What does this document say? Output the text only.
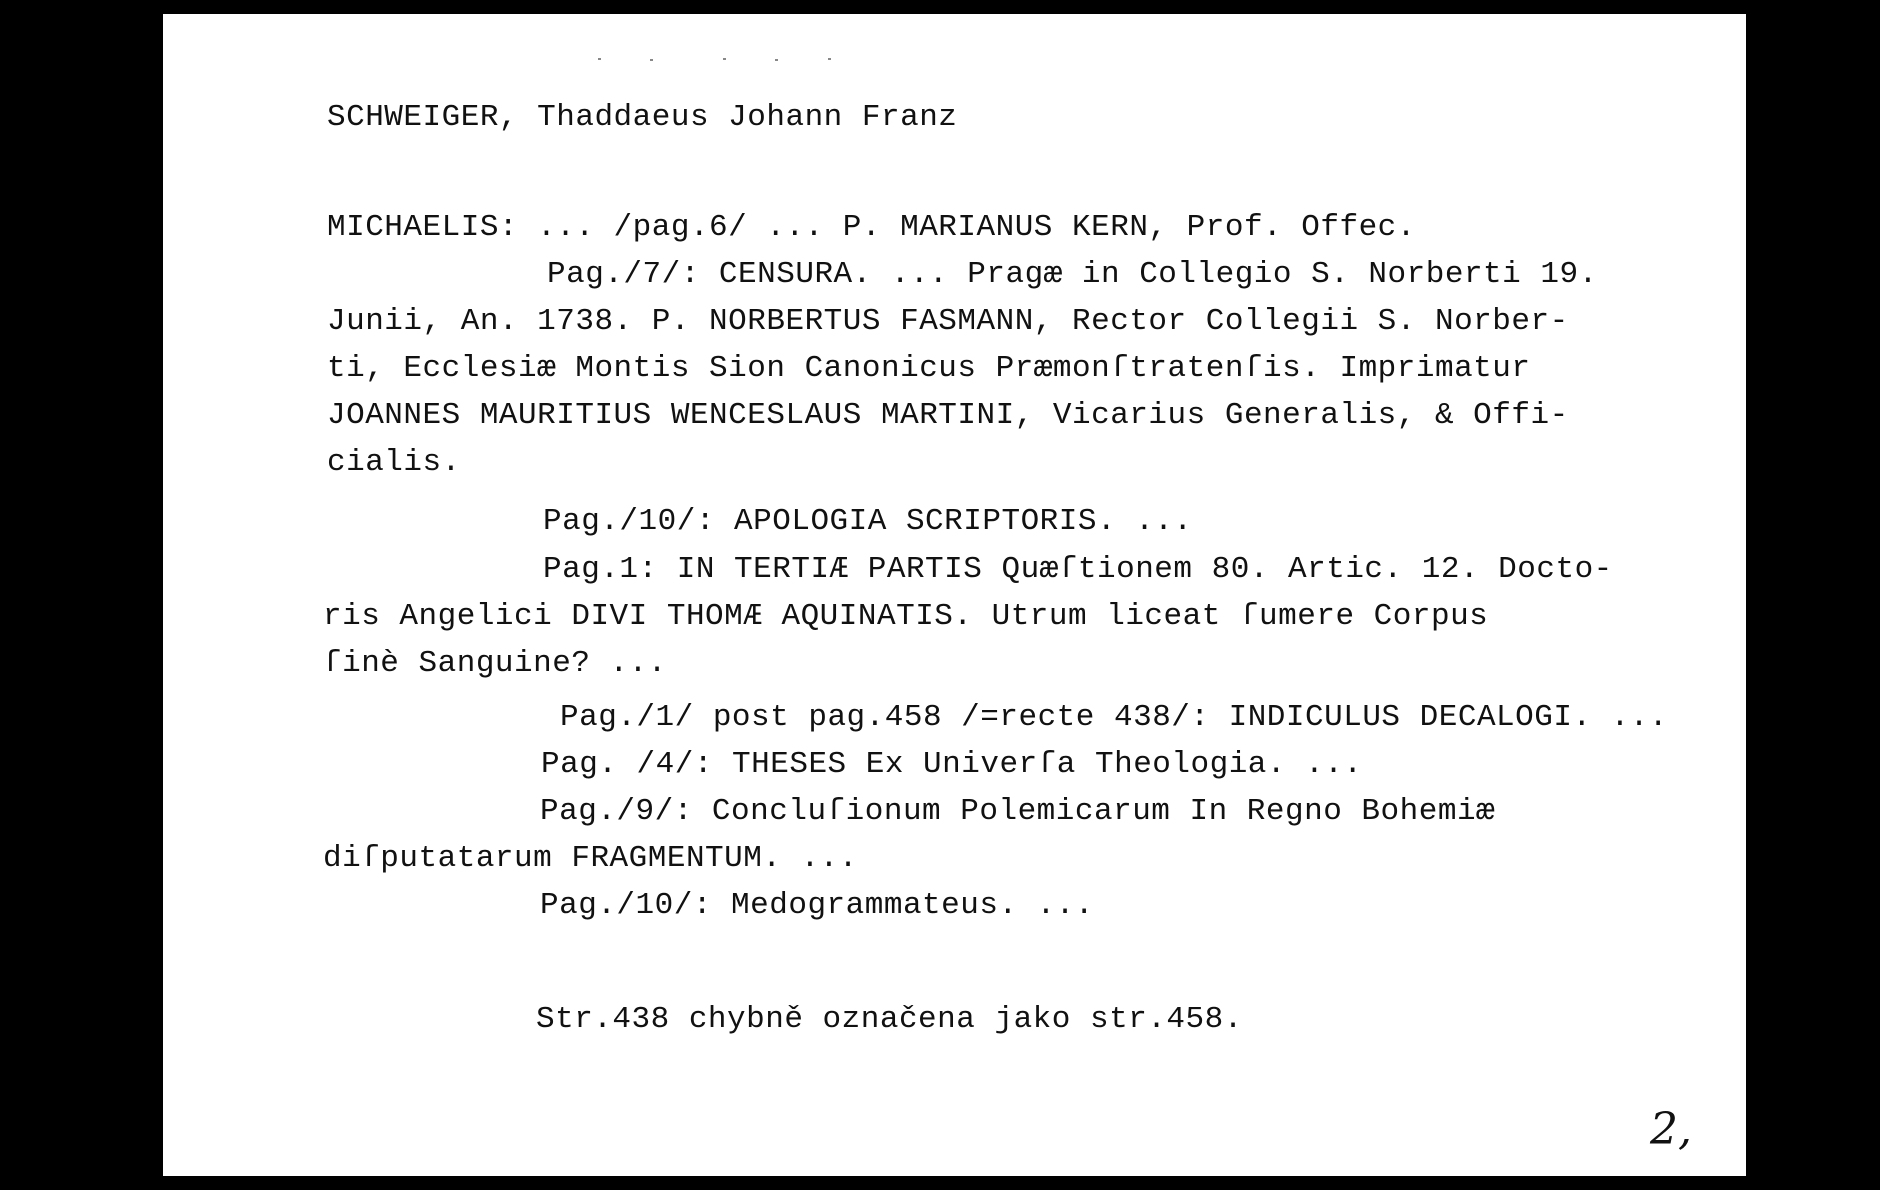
SCHWEIGER, Thaddaeus Johann Franz
MICHAELIS: ... /pag.6/ ... P. MARIANUS KERN, Prof. Offec.
Pag./7/: CENSURA. ... Pragæ in Collegio S. Norberti 19.
Junii, An. 1738. P. NORBERTUS FASMANN, Rector Collegii S. Norber-
ti, Ecclesiæ Montis Sion Canonicus Præmonſtratenſis. Imprimatur
JOANNES MAURITIUS WENCESLAUS MARTINI, Vicarius Generalis, & Offi-
cialis.
Pag./10/: APOLOGIA SCRIPTORIS. ...
Pag.1: IN TERTIÆ PARTIS Quæſtionem 80. Artic. 12. Docto-
ris Angelici DIVI THOMÆ AQUINATIS. Utrum liceat ſumere Corpus
ſinè Sanguine? ...
Pag./1/ post pag.458 /=recte 438/: INDICULUS DECALOGI. ...
Pag. /4/: THESES Ex Univerſa Theologia. ...
Pag./9/: Concluſionum Polemicarum In Regno Bohemiæ
diſputatarum FRAGMENTUM. ...
Pag./10/: Medogrammateus. ...
Str.438 chybně označena jako str.458.
2,
